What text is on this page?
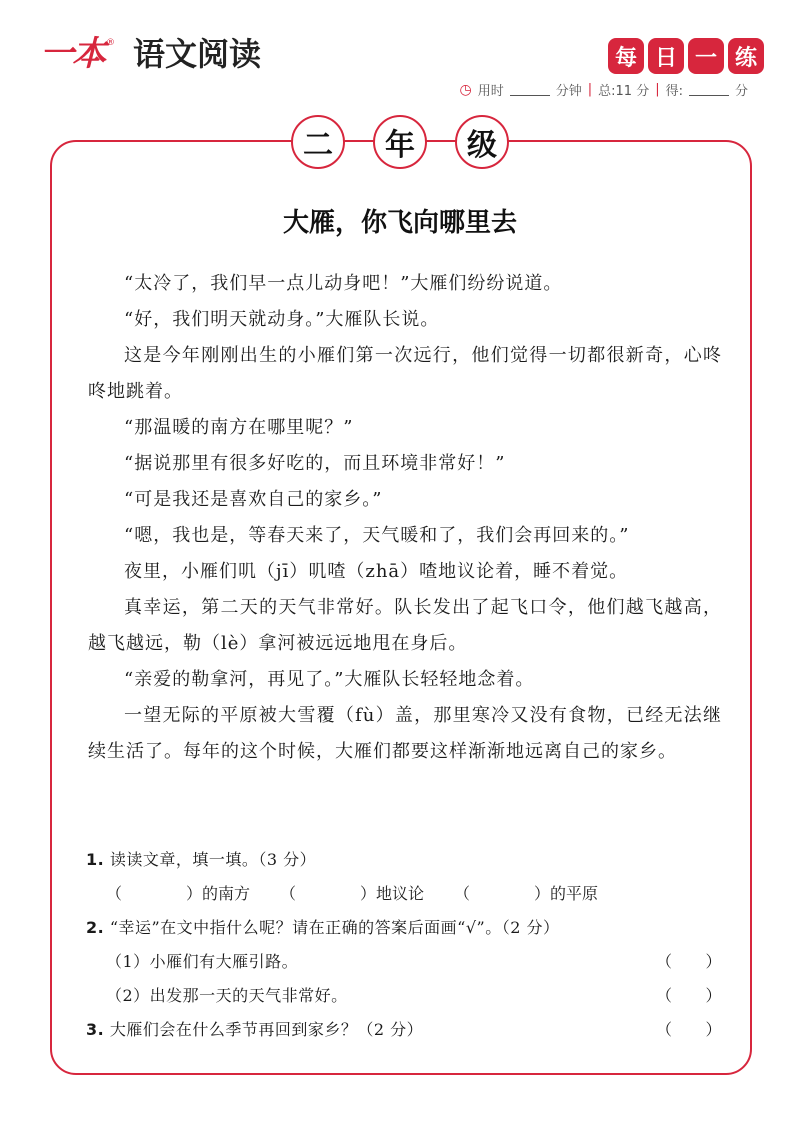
一本 ® 语文阅读	每 日 一 练
◷ 用时	分钟 | 总:11 分 | 得:	分
二	年	级
大雁，你飞向哪里去

“太冷了，我们早一点儿动身吧！”大雁们纷纷说道。

“好，我们明天就动身。”大雁队长说。

这是今年刚刚出生的小雁们第一次远行，他们觉得一切都很新奇，心咚咚地跳着。

“那温暖的南方在哪里呢？”

“据说那里有很多好吃的，而且环境非常好！”

“可是我还是喜欢自己的家乡。”

“嗯，我也是，等春天来了，天气暖和了，我们会再回来的。”

夜里，小雁们叽（jī）叽喳（zhā）喳地议论着，睡不着觉。

真幸运，第二天的天气非常好。队长发出了起飞口令，他们越飞越高，越飞越远，勒（lè）拿河被远远地甩在身后。

“亲爱的勒拿河，再见了。”大雁队长轻轻地念着。

一望无际的平原被大雪覆（fù）盖，那里寒冷又没有食物，已经无法继续生活了。每年的这个时候，大雁们都要这样渐渐地远离自己的家乡。

1. 读读文章，填一填。（3 分）
（　　　　）的南方 （　　　　）地议论 （　　　　）的平原
2. “幸运”在文中指什么呢？请在正确的答案后面画“√”。（2 分）
（1）小雁们有大雁引路。	（　　）
（2）出发那一天的天气非常好。	（　　）
3. 大雁们会在什么季节再回到家乡？（2 分）	（　　）
